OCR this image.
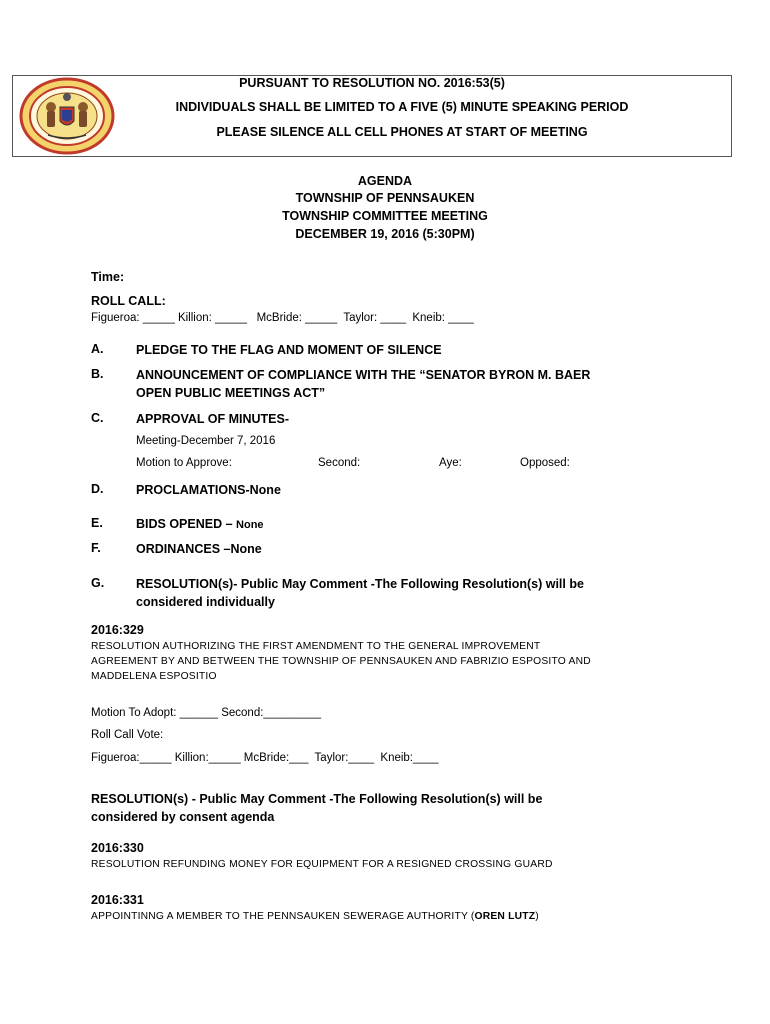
PURSUANT TO RESOLUTION NO. 2016:53(5)
INDIVIDUALS SHALL BE LIMITED TO A FIVE (5) MINUTE SPEAKING PERIOD
PLEASE SILENCE ALL CELL PHONES AT START OF MEETING
AGENDA
TOWNSHIP OF PENNSAUKEN
TOWNSHIP COMMITTEE MEETING
DECEMBER 19, 2016 (5:30PM)
Time:
ROLL CALL:
Figueroa: _____ Killion: _____   McBride: _____  Taylor: ____  Kneib: ____
A.	PLEDGE TO THE FLAG AND MOMENT OF SILENCE
B.	ANNOUNCEMENT OF COMPLIANCE WITH THE “SENATOR BYRON M. BAER
OPEN PUBLIC MEETINGS ACT”
C.	APPROVAL OF MINUTES-
Meeting-December 7, 2016
Motion to Approve:	Second:	Aye:	Opposed:
D.	PROCLAMATIONS-None
E.	BIDS OPENED – None
F.	ORDINANCES –None
G.	RESOLUTION(s)- Public May Comment -The Following Resolution(s) will be
considered individually
2016:329
RESOLUTION AUTHORIZING THE FIRST AMENDMENT TO THE GENERAL IMPROVEMENT
AGREEMENT BY AND BETWEEN THE TOWNSHIP OF PENNSAUKEN AND FABRIZIO ESPOSITO AND
MADDELENA ESPOSITIO
Motion To Adopt: ______ Second:_________
Roll Call Vote:
Figueroa:_____ Killion:_____ McBride:___  Taylor:____  Kneib:____
RESOLUTION(s) - Public May Comment -The Following Resolution(s) will be
considered by consent agenda
2016:330
RESOLUTION REFUNDING MONEY FOR EQUIPMENT FOR A RESIGNED CROSSING GUARD
2016:331
APPOINTINNG A MEMBER TO THE PENNSAUKEN SEWERAGE AUTHORITY (OREN LUTZ)
